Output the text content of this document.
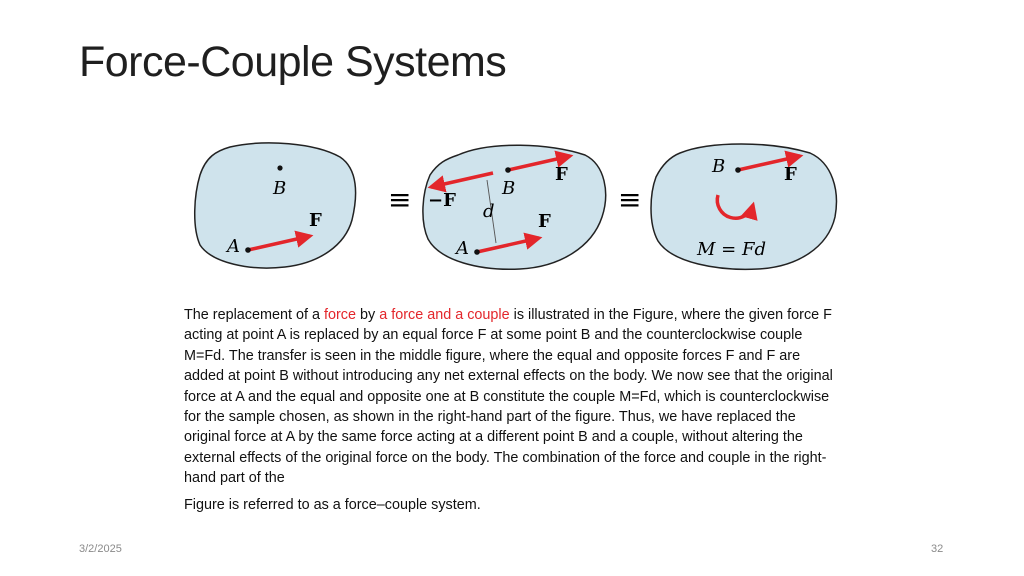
Force-Couple Systems
B
A
F
≡ −F
B
F
d F
A
≡
B	F
M = Fd

The replacement of a force by a force and a couple is illustrated in the Figure, where the given force F acting at point A is replaced by an equal force F at some point B and the counterclockwise couple M=Fd. The transfer is seen in the middle figure, where the equal and opposite forces F and F are added at point B without introducing any net external effects on the body. We now see that the original force at A and the equal and opposite one at B constitute the couple M=Fd, which is counterclockwise for the sample chosen, as shown in the right-hand part of the figure. Thus, we have replaced the original force at A by the same force acting at a different point B and a couple, without altering the external effects of the original force on the body. The combination of the force and couple in the right-hand part of the

Figure is referred to as a force–couple system.

3/2/2025	32
